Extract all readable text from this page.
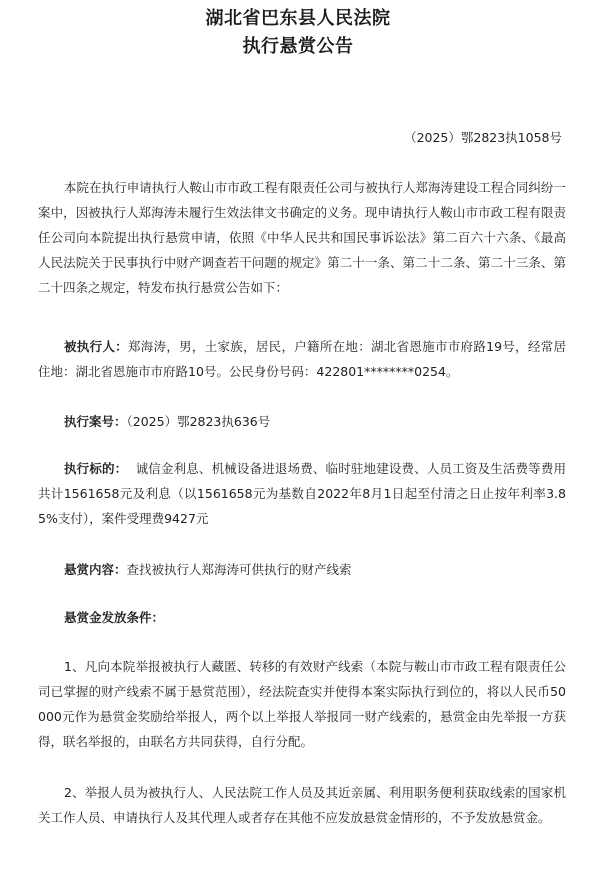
湖北省巴东县人民法院
执行悬赏公告
（2025）鄂2823执1058号

本院在执行申请执行人鞍山市市政工程有限责任公司与被执行人郑海涛建设工程合同纠纷一案中，因被执行人郑海涛未履行生效法律文书确定的义务。现申请执行人鞍山市市政工程有限责任公司向本院提出执行悬赏申请，依照《中华人民共和国民事诉讼法》第二百六十六条、《最高人民法院关于民事执行中财产调查若干问题的规定》第二十一条、第二十二条、第二十三条、第二十四条之规定，特发布执行悬赏公告如下：

被执行人：郑海涛，男，土家族，居民，户籍所在地：湖北省恩施市市府路19号，经常居住地：湖北省恩施市市府路10号。公民身份号码：422801********0254。

执行案号：（2025）鄂2823执636号

执行标的： 诚信金利息、机械设备进退场费、临时驻地建设费、人员工资及生活费等费用共计1561658元及利息（以1561658元为基数自2022年8月1日起至付清之日止按年利率3.85%支付），案件受理费9427元

悬赏内容：查找被执行人郑海涛可供执行的财产线索

悬赏金发放条件：

1、凡向本院举报被执行人藏匿、转移的有效财产线索（本院与鞍山市市政工程有限责任公司已掌握的财产线索不属于悬赏范围），经法院查实并使得本案实际执行到位的，将以人民币50000元作为悬赏金奖励给举报人，两个以上举报人举报同一财产线索的，悬赏金由先举报一方获得，联名举报的，由联名方共同获得，自行分配。

2、举报人员为被执行人、人民法院工作人员及其近亲属、利用职务便利获取线索的国家机关工作人员、申请执行人及其代理人或者存在其他不应发放悬赏金情形的，不予发放悬赏金。
